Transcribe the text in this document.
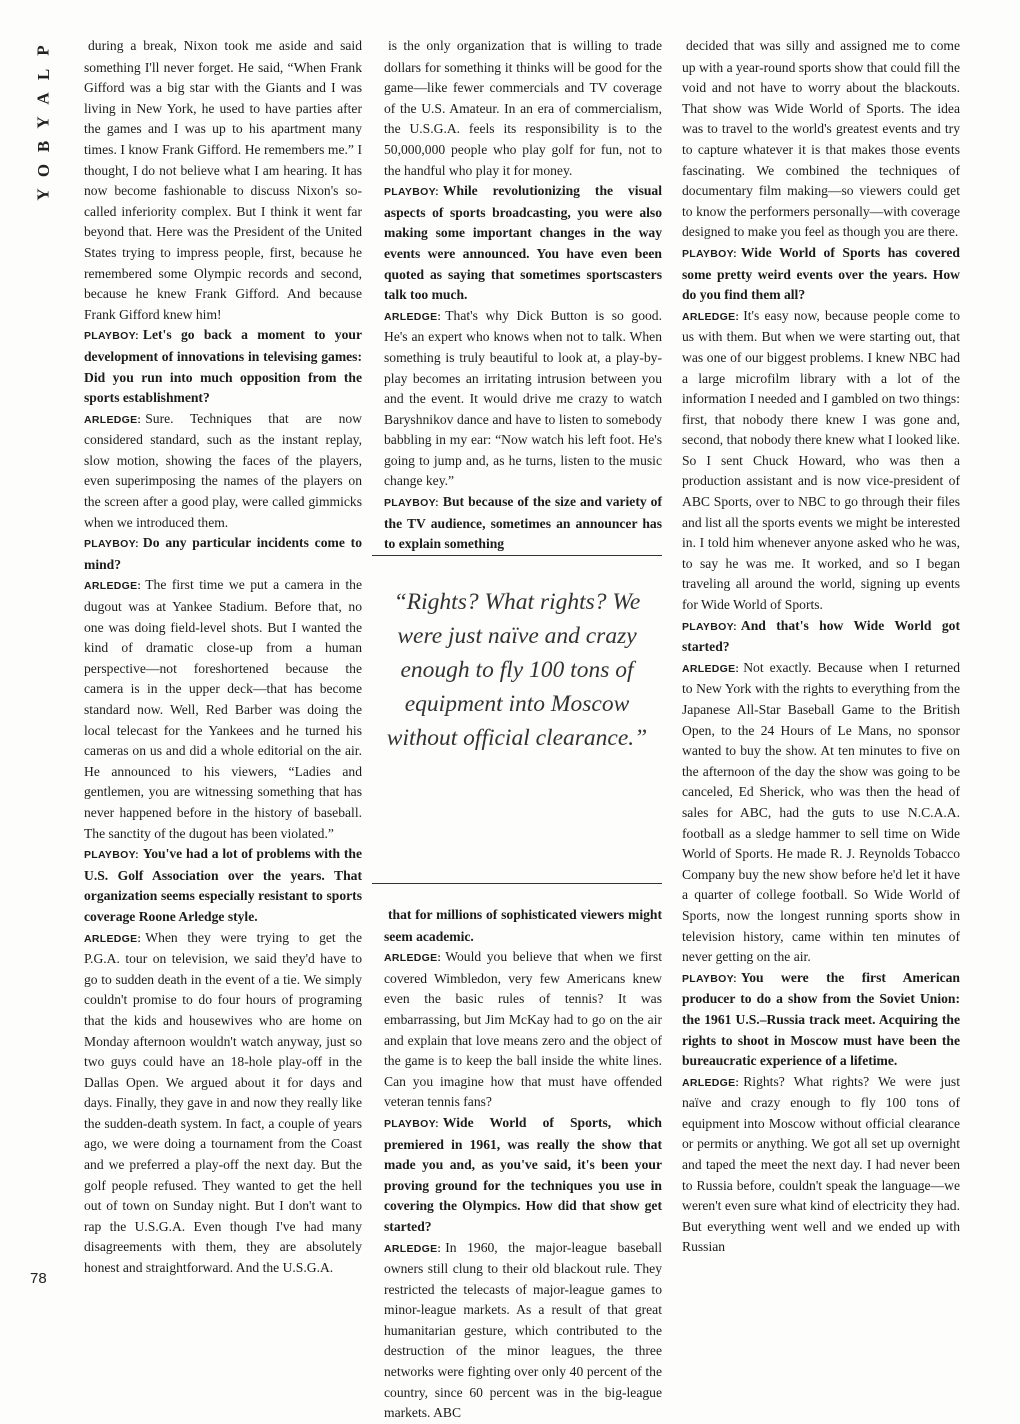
P
L
A
Y
B
O
Y
78

during a break, Nixon took me aside and said something I'll never forget. He said, “When Frank Gifford was a big star with the Giants and I was living in New York, he used to have parties after the games and I was up to his apartment many times. I know Frank Gifford. He remembers me.” I thought, I do not believe what I am hearing. It has now become fashionable to discuss Nixon's so-called inferiority complex. But I think it went far beyond that. Here was the President of the United States trying to impress people, first, because he remembered some Olympic records and second, because he knew Frank Gifford. And because Frank Gifford knew him!

PLAYBOY: Let's go back a moment to your development of innovations in televising games: Did you run into much opposition from the sports establishment?

ARLEDGE: Sure. Techniques that are now considered standard, such as the instant replay, slow motion, showing the faces of the players, even superimposing the names of the players on the screen after a good play, were called gimmicks when we introduced them.

PLAYBOY: Do any particular incidents come to mind?

ARLEDGE: The first time we put a camera in the dugout was at Yankee Stadium. Before that, no one was doing field-level shots. But I wanted the kind of dramatic close-up from a human perspective—not foreshortened because the camera is in the upper deck—that has become standard now. Well, Red Barber was doing the local telecast for the Yankees and he turned his cameras on us and did a whole editorial on the air. He announced to his viewers, “Ladies and gentlemen, you are witnessing something that has never happened before in the history of baseball. The sanctity of the dugout has been violated.”

PLAYBOY: You've had a lot of problems with the U.S. Golf Association over the years. That organization seems especially resistant to sports coverage Roone Arledge style.

ARLEDGE: When they were trying to get the P.G.A. tour on television, we said they'd have to go to sudden death in the event of a tie. We simply couldn't promise to do four hours of programing that the kids and housewives who are home on Monday afternoon wouldn't watch anyway, just so two guys could have an 18-hole play-off in the Dallas Open. We argued about it for days and days. Finally, they gave in and now they really like the sudden-death system. In fact, a couple of years ago, we were doing a tournament from the Coast and we preferred a play-off the next day. But the golf people refused. They wanted to get the hell out of town on Sunday night. But I don't want to rap the U.S.G.A. Even though I've had many disagreements with them, they are absolutely honest and straightforward. And the U.S.G.A.

is the only organization that is willing to trade dollars for something it thinks will be good for the game—like fewer commercials and TV coverage of the U.S. Amateur. In an era of commercialism, the U.S.G.A. feels its responsibility is to the 50,000,000 people who play golf for fun, not to the handful who play it for money.

PLAYBOY: While revolutionizing the visual aspects of sports broadcasting, you were also making some important changes in the way events were announced. You have even been quoted as saying that sometimes sportscasters talk too much.

ARLEDGE: That's why Dick Button is so good. He's an expert who knows when not to talk. When something is truly beautiful to look at, a play-by-play becomes an irritating intrusion between you and the event. It would drive me crazy to watch Baryshnikov dance and have to listen to somebody babbling in my ear: “Now watch his left foot. He's going to jump and, as he turns, listen to the music change key.”

PLAYBOY: But because of the size and variety of the TV audience, sometimes an announcer has to explain something

“Rights? What rights? We were just naïve and crazy enough to fly 100 tons of equipment into Moscow without official clearance.”

that for millions of sophisticated viewers might seem academic.

ARLEDGE: Would you believe that when we first covered Wimbledon, very few Americans knew even the basic rules of tennis? It was embarrassing, but Jim McKay had to go on the air and explain that love means zero and the object of the game is to keep the ball inside the white lines. Can you imagine how that must have offended veteran tennis fans?

PLAYBOY: Wide World of Sports, which premiered in 1961, was really the show that made you and, as you've said, it's been your proving ground for the techniques you use in covering the Olympics. How did that show get started?

ARLEDGE: In 1960, the major-league baseball owners still clung to their old blackout rule. They restricted the telecasts of major-league games to minor-league markets. As a result of that great humanitarian gesture, which contributed to the destruction of the minor leagues, the three networks were fighting over only 40 percent of the country, since 60 percent was in the big-league markets. ABC

decided that was silly and assigned me to come up with a year-round sports show that could fill the void and not have to worry about the blackouts. That show was Wide World of Sports. The idea was to travel to the world's greatest events and try to capture whatever it is that makes those events fascinating. We combined the techniques of documentary film making—so viewers could get to know the performers personally—with coverage designed to make you feel as though you are there.

PLAYBOY: Wide World of Sports has covered some pretty weird events over the years. How do you find them all?

ARLEDGE: It's easy now, because people come to us with them. But when we were starting out, that was one of our biggest problems. I knew NBC had a large microfilm library with a lot of the information I needed and I gambled on two things: first, that nobody there knew I was gone and, second, that nobody there knew what I looked like. So I sent Chuck Howard, who was then a production assistant and is now vice-president of ABC Sports, over to NBC to go through their files and list all the sports events we might be interested in. I told him whenever anyone asked who he was, to say he was me. It worked, and so I began traveling all around the world, signing up events for Wide World of Sports.

PLAYBOY: And that's how Wide World got started?

ARLEDGE: Not exactly. Because when I returned to New York with the rights to everything from the Japanese All-Star Baseball Game to the British Open, to the 24 Hours of Le Mans, no sponsor wanted to buy the show. At ten minutes to five on the afternoon of the day the show was going to be canceled, Ed Sherick, who was then the head of sales for ABC, had the guts to use N.C.A.A. football as a sledge hammer to sell time on Wide World of Sports. He made R. J. Reynolds Tobacco Company buy the new show before he'd let it have a quarter of college football. So Wide World of Sports, now the longest running sports show in television history, came within ten minutes of never getting on the air.

PLAYBOY: You were the first American producer to do a show from the Soviet Union: the 1961 U.S.–Russia track meet. Acquiring the rights to shoot in Moscow must have been the bureaucratic experience of a lifetime.

ARLEDGE: Rights? What rights? We were just naïve and crazy enough to fly 100 tons of equipment into Moscow without official clearance or permits or anything. We got all set up overnight and taped the meet the next day. I had never been to Russia before, couldn't speak the language—we weren't even sure what kind of electricity they had. But everything went well and we ended up with Russian
